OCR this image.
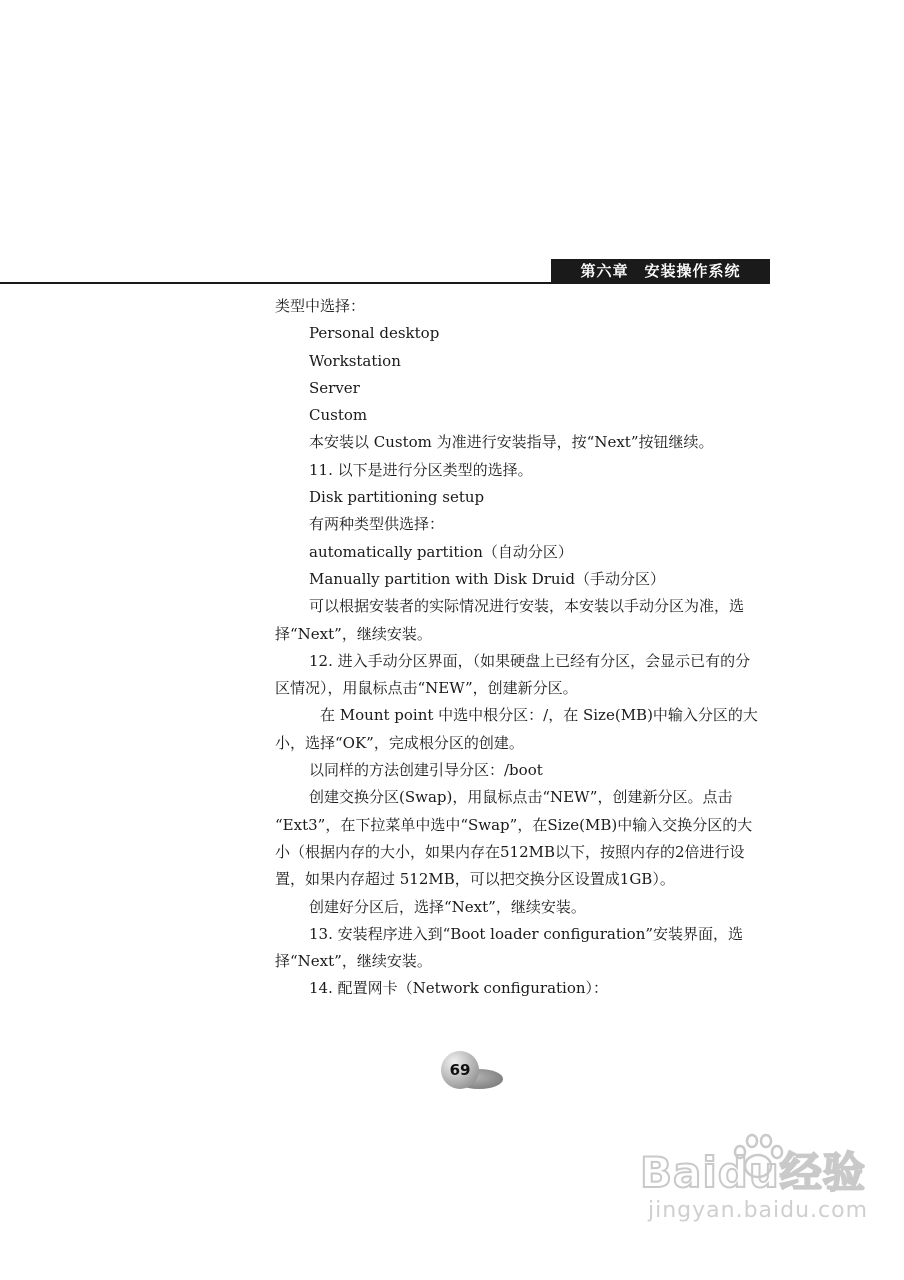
第六章 安装操作系统
类型中选择：
Personal desktop
Workstation
Server
Custom
本安装以 Custom 为准进行安装指导，按“Next”按钮继续。
11. 以下是进行分区类型的选择。
Disk partitioning setup
有两种类型供选择：
automatically partition（自动分区）
Manually partition with Disk Druid（手动分区）
可以根据安装者的实际情况进行安装，本安装以手动分区为准，选
择“Next”，继续安装。
12. 进入手动分区界面，（如果硬盘上已经有分区，会显示已有的分
区情况），用鼠标点击“NEW”，创建新分区。
在 Mount point 中选中根分区：/，在 Size(MB)中输入分区的大
小，选择“OK”，完成根分区的创建。
以同样的方法创建引导分区：/boot
创建交换分区(Swap)，用鼠标点击“NEW”，创建新分区。点击
“Ext3”，在下拉菜单中选中“Swap”，在Size(MB)中输入交换分区的大
小（根据内存的大小，如果内存在512MB以下，按照内存的2倍进行设
置，如果内存超过 512MB，可以把交换分区设置成1GB）。
创建好分区后，选择“Next”，继续安装。
13. 安装程序进入到“Boot loader configuration”安装界面，选
择“Next”，继续安装。
14. 配置网卡（Network configuration）：
69
Baidu经验
jingyan.baidu.com
